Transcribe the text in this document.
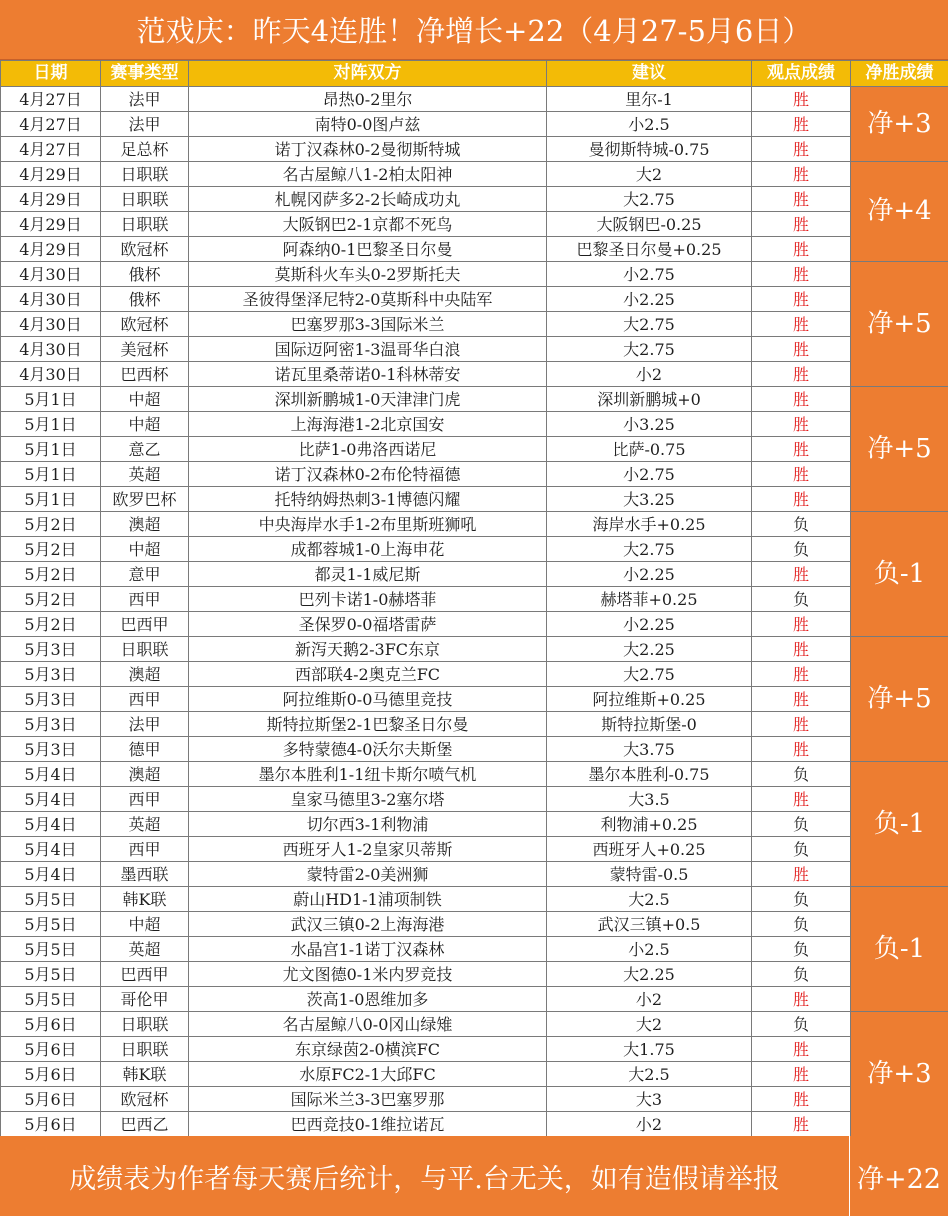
范戏庆：昨天4连胜！净增长+22（4月27-5月6日）
日期	赛事类型	对阵双方	建议	观点成绩	净胜成绩
4月27日	法甲	昂热0-2里尔	里尔-1	胜	净+3
4月27日	法甲	南特0-0图卢兹	小2.5	胜	
4月27日	足总杯	诺丁汉森林0-2曼彻斯特城	曼彻斯特城-0.75	胜	
4月29日	日职联	名古屋鲸八1-2柏太阳神	大2	胜	净+4
4月29日	日职联	札幌冈萨多2-2长崎成功丸	大2.75	胜	
4月29日	日职联	大阪钢巴2-1京都不死鸟	大阪钢巴-0.25	胜	
4月29日	欧冠杯	阿森纳0-1巴黎圣日尔曼	巴黎圣日尔曼+0.25	胜	
4月30日	俄杯	莫斯科火车头0-2罗斯托夫	小2.75	胜	净+5
4月30日	俄杯	圣彼得堡泽尼特2-0莫斯科中央陆军	小2.25	胜	
4月30日	欧冠杯	巴塞罗那3-3国际米兰	大2.75	胜	
4月30日	美冠杯	国际迈阿密1-3温哥华白浪	大2.75	胜	
4月30日	巴西杯	诺瓦里桑蒂诺0-1科林蒂安	小2	胜	
5月1日	中超	深圳新鹏城1-0天津津门虎	深圳新鹏城+0	胜	净+5
5月1日	中超	上海海港1-2北京国安	小3.25	胜	
5月1日	意乙	比萨1-0弗洛西诺尼	比萨-0.75	胜	
5月1日	英超	诺丁汉森林0-2布伦特福德	小2.75	胜	
5月1日	欧罗巴杯	托特纳姆热刺3-1博德闪耀	大3.25	胜	
5月2日	澳超	中央海岸水手1-2布里斯班狮吼	海岸水手+0.25	负	负-1
5月2日	中超	成都蓉城1-0上海申花	大2.75	负	
5月2日	意甲	都灵1-1威尼斯	小2.25	胜	
5月2日	西甲	巴列卡诺1-0赫塔菲	赫塔菲+0.25	负	
5月2日	巴西甲	圣保罗0-0福塔雷萨	小2.25	胜	
5月3日	日职联	新泻天鹅2-3FC东京	大2.25	胜	净+5
5月3日	澳超	西部联4-2奥克兰FC	大2.75	胜	
5月3日	西甲	阿拉维斯0-0马德里竞技	阿拉维斯+0.25	胜	
5月3日	法甲	斯特拉斯堡2-1巴黎圣日尔曼	斯特拉斯堡-0	胜	
5月3日	德甲	多特蒙德4-0沃尔夫斯堡	大3.75	胜	
5月4日	澳超	墨尔本胜利1-1纽卡斯尔喷气机	墨尔本胜利-0.75	负	负-1
5月4日	西甲	皇家马德里3-2塞尔塔	大3.5	胜	
5月4日	英超	切尔西3-1利物浦	利物浦+0.25	负	
5月4日	西甲	西班牙人1-2皇家贝蒂斯	西班牙人+0.25	负	
5月4日	墨西联	蒙特雷2-0美洲狮	蒙特雷-0.5	胜	
5月5日	韩K联	蔚山HD1-1浦项制铁	大2.5	负	负-1
5月5日	中超	武汉三镇0-2上海海港	武汉三镇+0.5	负	
5月5日	英超	水晶宫1-1诺丁汉森林	小2.5	负	
5月5日	巴西甲	尤文图德0-1米内罗竞技	大2.25	负	
5月5日	哥伦甲	茨高1-0恩维加多	小2	胜	
5月6日	日职联	名古屋鲸八0-0冈山绿雉	大2	负	净+3
5月6日	日职联	东京绿茵2-0横滨FC	大1.75	胜	
5月6日	韩K联	水原FC2-1大邱FC	大2.5	胜	
5月6日	欧冠杯	国际米兰3-3巴塞罗那	大3	胜	
5月6日	巴西乙	巴西竞技0-1维拉诺瓦	小2	胜	
成绩表为作者每天赛后统计，与平.台无关，如有造假请举报	净+22
